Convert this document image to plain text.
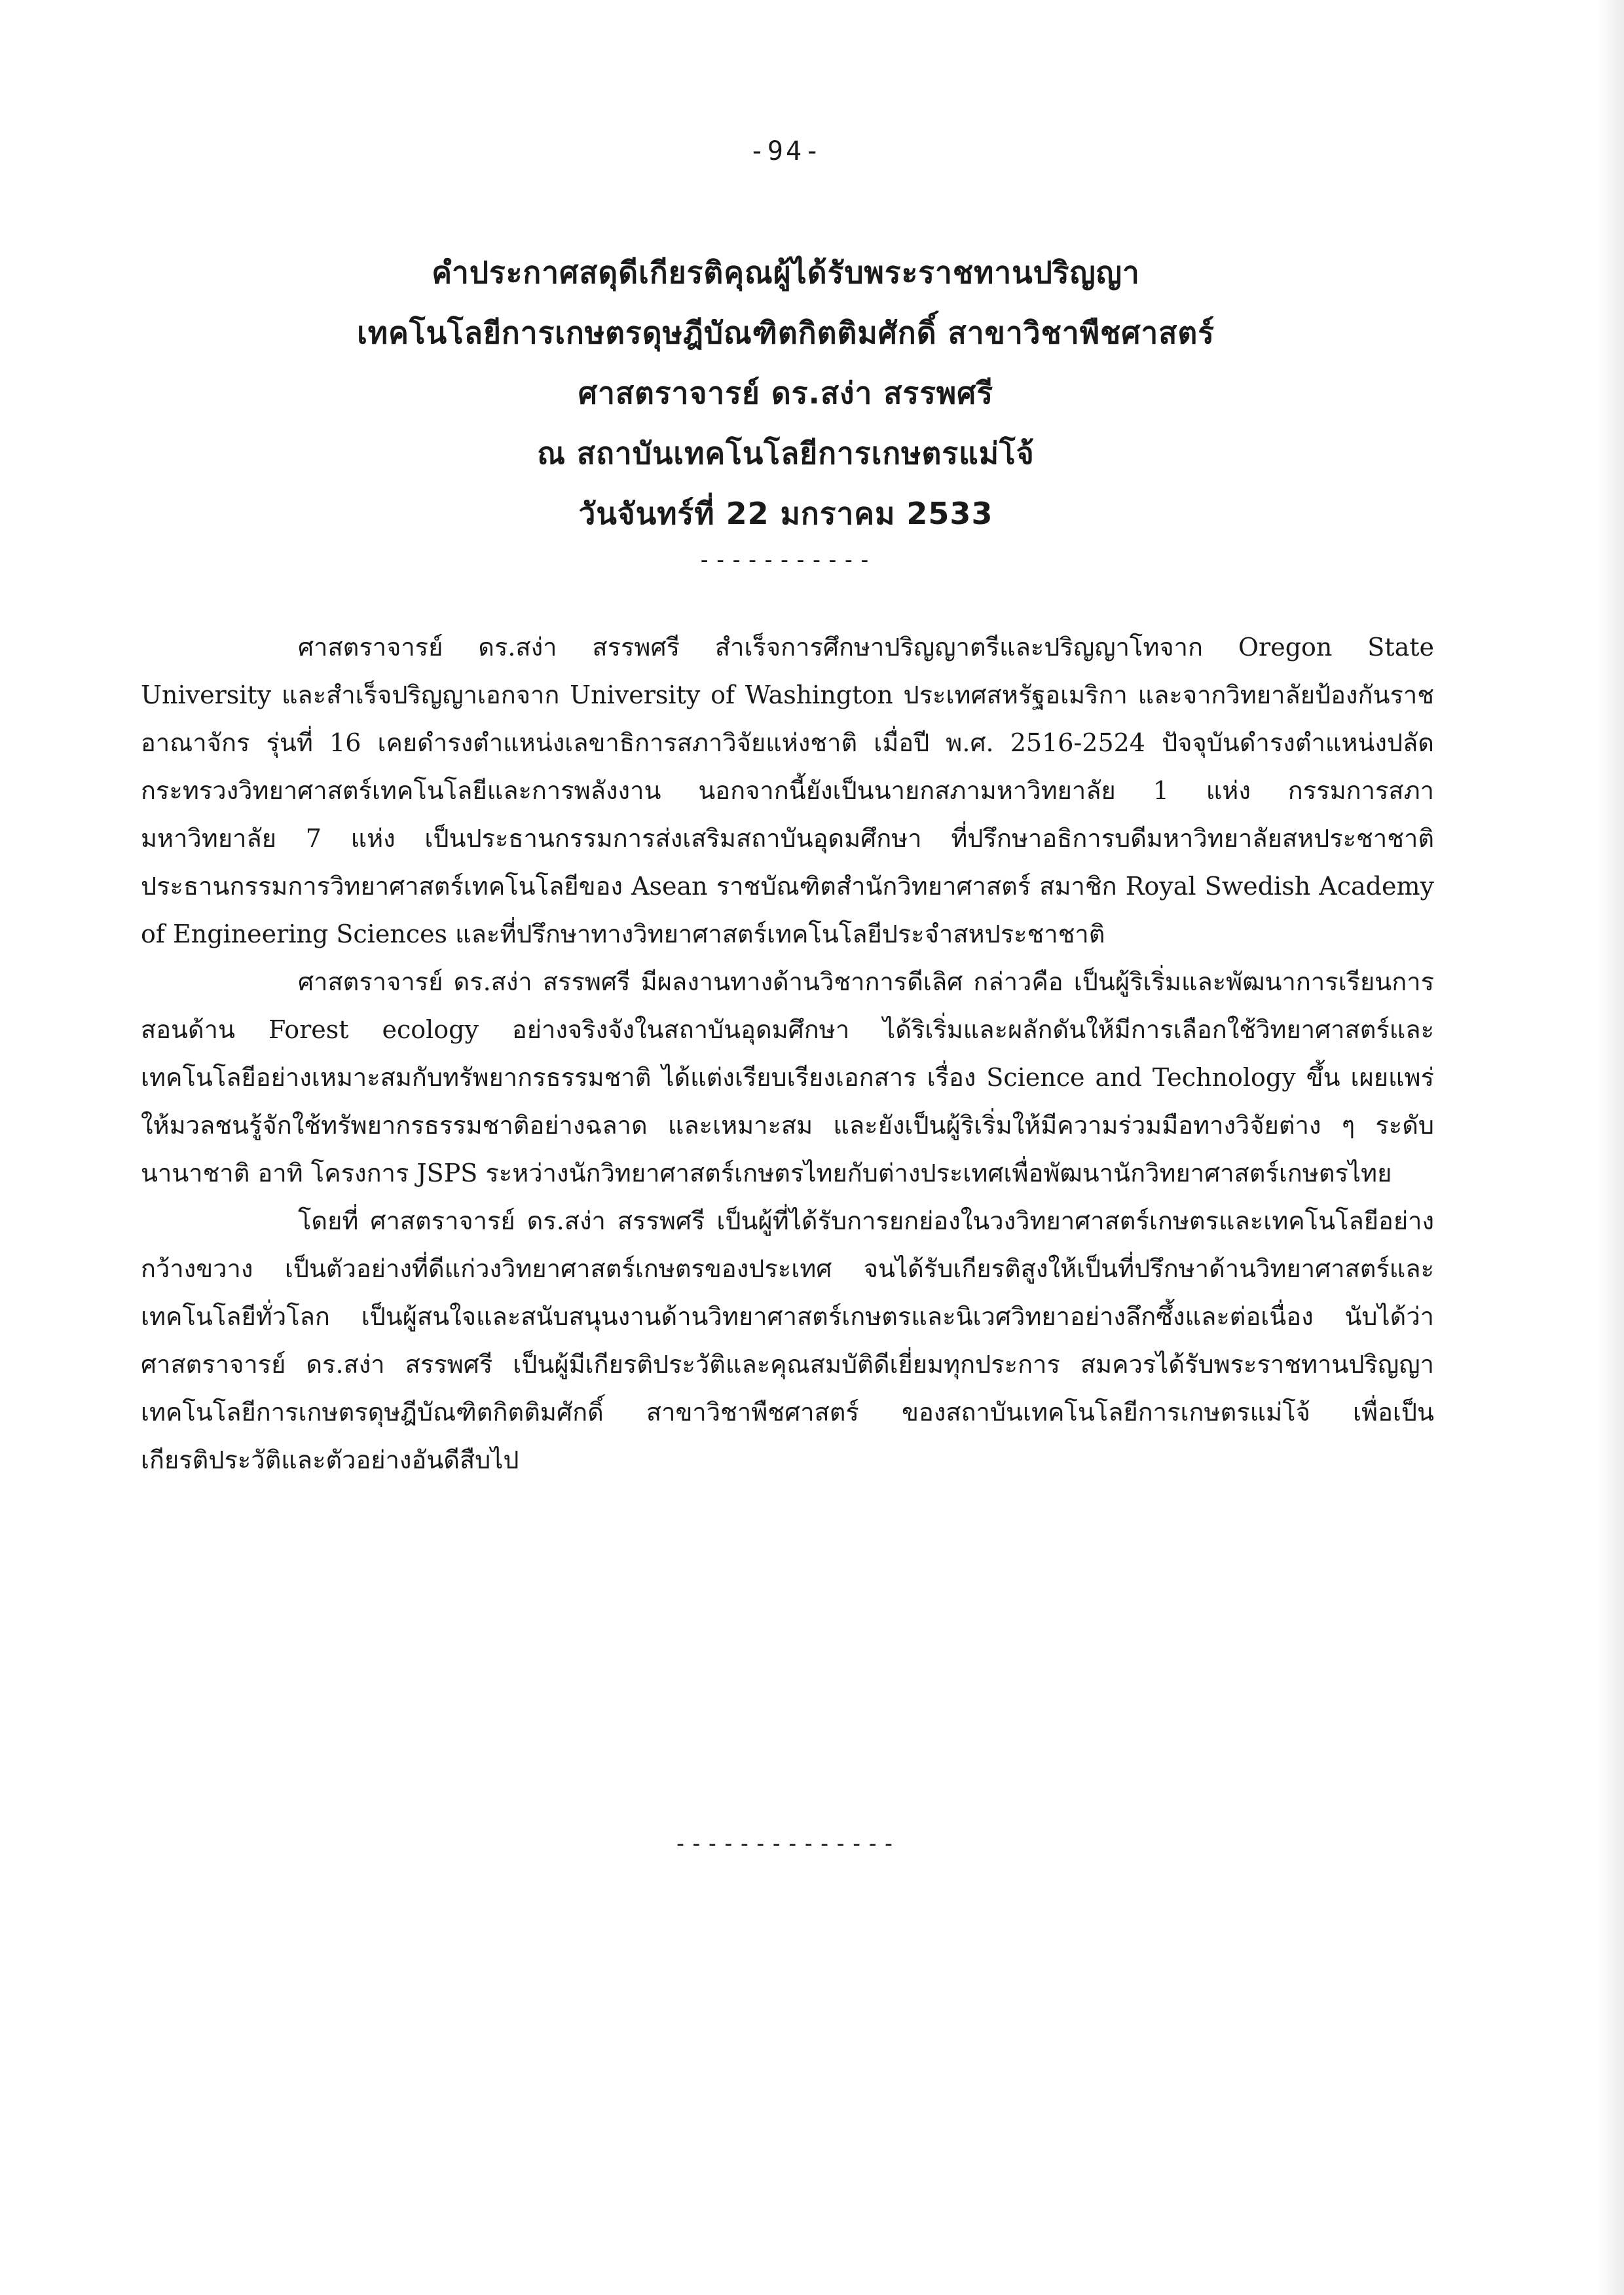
-94-
คำประกาศสดุดีเกียรติคุณผู้ได้รับพระราชทานปริญญา
เทคโนโลยีการเกษตรดุษฎีบัณฑิตกิตติมศักดิ์ สาขาวิชาพืชศาสตร์
ศาสตราจารย์ ดร.สง่า สรรพศรี
ณ สถาบันเทคโนโลยีการเกษตรแม่โจ้
วันจันทร์ที่ 22 มกราคม 2533
-----------

ศาสตราจารย์ ดร.สง่า สรรพศรี สำเร็จการศึกษาปริญญาตรีและปริญญาโทจาก Oregon State University และสำเร็จปริญญาเอกจาก University of Washington ประเทศสหรัฐอเมริกา และจากวิทยาลัยป้องกันราชอาณาจักร รุ่นที่ 16 เคยดำรงตำแหน่งเลขาธิการสภาวิจัยแห่งชาติ เมื่อปี พ.ศ. 2516-2524 ปัจจุบันดำรงตำแหน่งปลัดกระทรวงวิทยาศาสตร์เทคโนโลยีและการพลังงาน นอกจากนี้ยังเป็นนายกสภามหาวิทยาลัย 1 แห่ง กรรมการสภามหาวิทยาลัย 7 แห่ง เป็นประธานกรรมการส่งเสริมสถาบันอุดมศึกษา ที่ปรึกษาอธิการบดีมหาวิทยาลัยสหประชาชาติ ประธานกรรมการวิทยาศาสตร์เทคโนโลยีของ Asean ราชบัณฑิตสำนักวิทยาศาสตร์ สมาชิก Royal Swedish Academy of Engineering Sciences และที่ปรึกษาทางวิทยาศาสตร์เทคโนโลยีประจำสหประชาชาติ

ศาสตราจารย์ ดร.สง่า สรรพศรี มีผลงานทางด้านวิชาการดีเลิศ กล่าวคือ เป็นผู้ริเริ่มและพัฒนาการเรียนการสอนด้าน Forest ecology อย่างจริงจังในสถาบันอุดมศึกษา ได้ริเริ่มและผลักดันให้มีการเลือกใช้วิทยาศาสตร์และเทคโนโลยีอย่างเหมาะสมกับทรัพยากรธรรมชาติ ได้แต่งเรียบเรียงเอกสาร เรื่อง Science and Technology ขึ้น เผยแพร่ให้มวลชนรู้จักใช้ทรัพยากรธรรมชาติอย่างฉลาด และเหมาะสม และยังเป็นผู้ริเริ่มให้มีความร่วมมือทางวิจัยต่าง ๆ ระดับนานาชาติ อาทิ โครงการ JSPS ระหว่างนักวิทยาศาสตร์เกษตรไทยกับต่างประเทศเพื่อพัฒนานักวิทยาศาสตร์เกษตรไทย

โดยที่ ศาสตราจารย์ ดร.สง่า สรรพศรี เป็นผู้ที่ได้รับการยกย่องในวงวิทยาศาสตร์เกษตรและเทคโนโลยีอย่างกว้างขวาง เป็นตัวอย่างที่ดีแก่วงวิทยาศาสตร์เกษตรของประเทศ จนได้รับเกียรติสูงให้เป็นที่ปรึกษาด้านวิทยาศาสตร์และเทคโนโลยีทั่วโลก เป็นผู้สนใจและสนับสนุนงานด้านวิทยาศาสตร์เกษตรและนิเวศวิทยาอย่างลึกซึ้งและต่อเนื่อง นับได้ว่า ศาสตราจารย์ ดร.สง่า สรรพศรี เป็นผู้มีเกียรติประวัติและคุณสมบัติดีเยี่ยมทุกประการ สมควรได้รับพระราชทานปริญญาเทคโนโลยีการเกษตรดุษฎีบัณฑิตกิตติมศักดิ์ สาขาวิชาพืชศาสตร์ ของสถาบันเทคโนโลยีการเกษตรแม่โจ้ เพื่อเป็นเกียรติประวัติและตัวอย่างอันดีสืบไป

--------------
